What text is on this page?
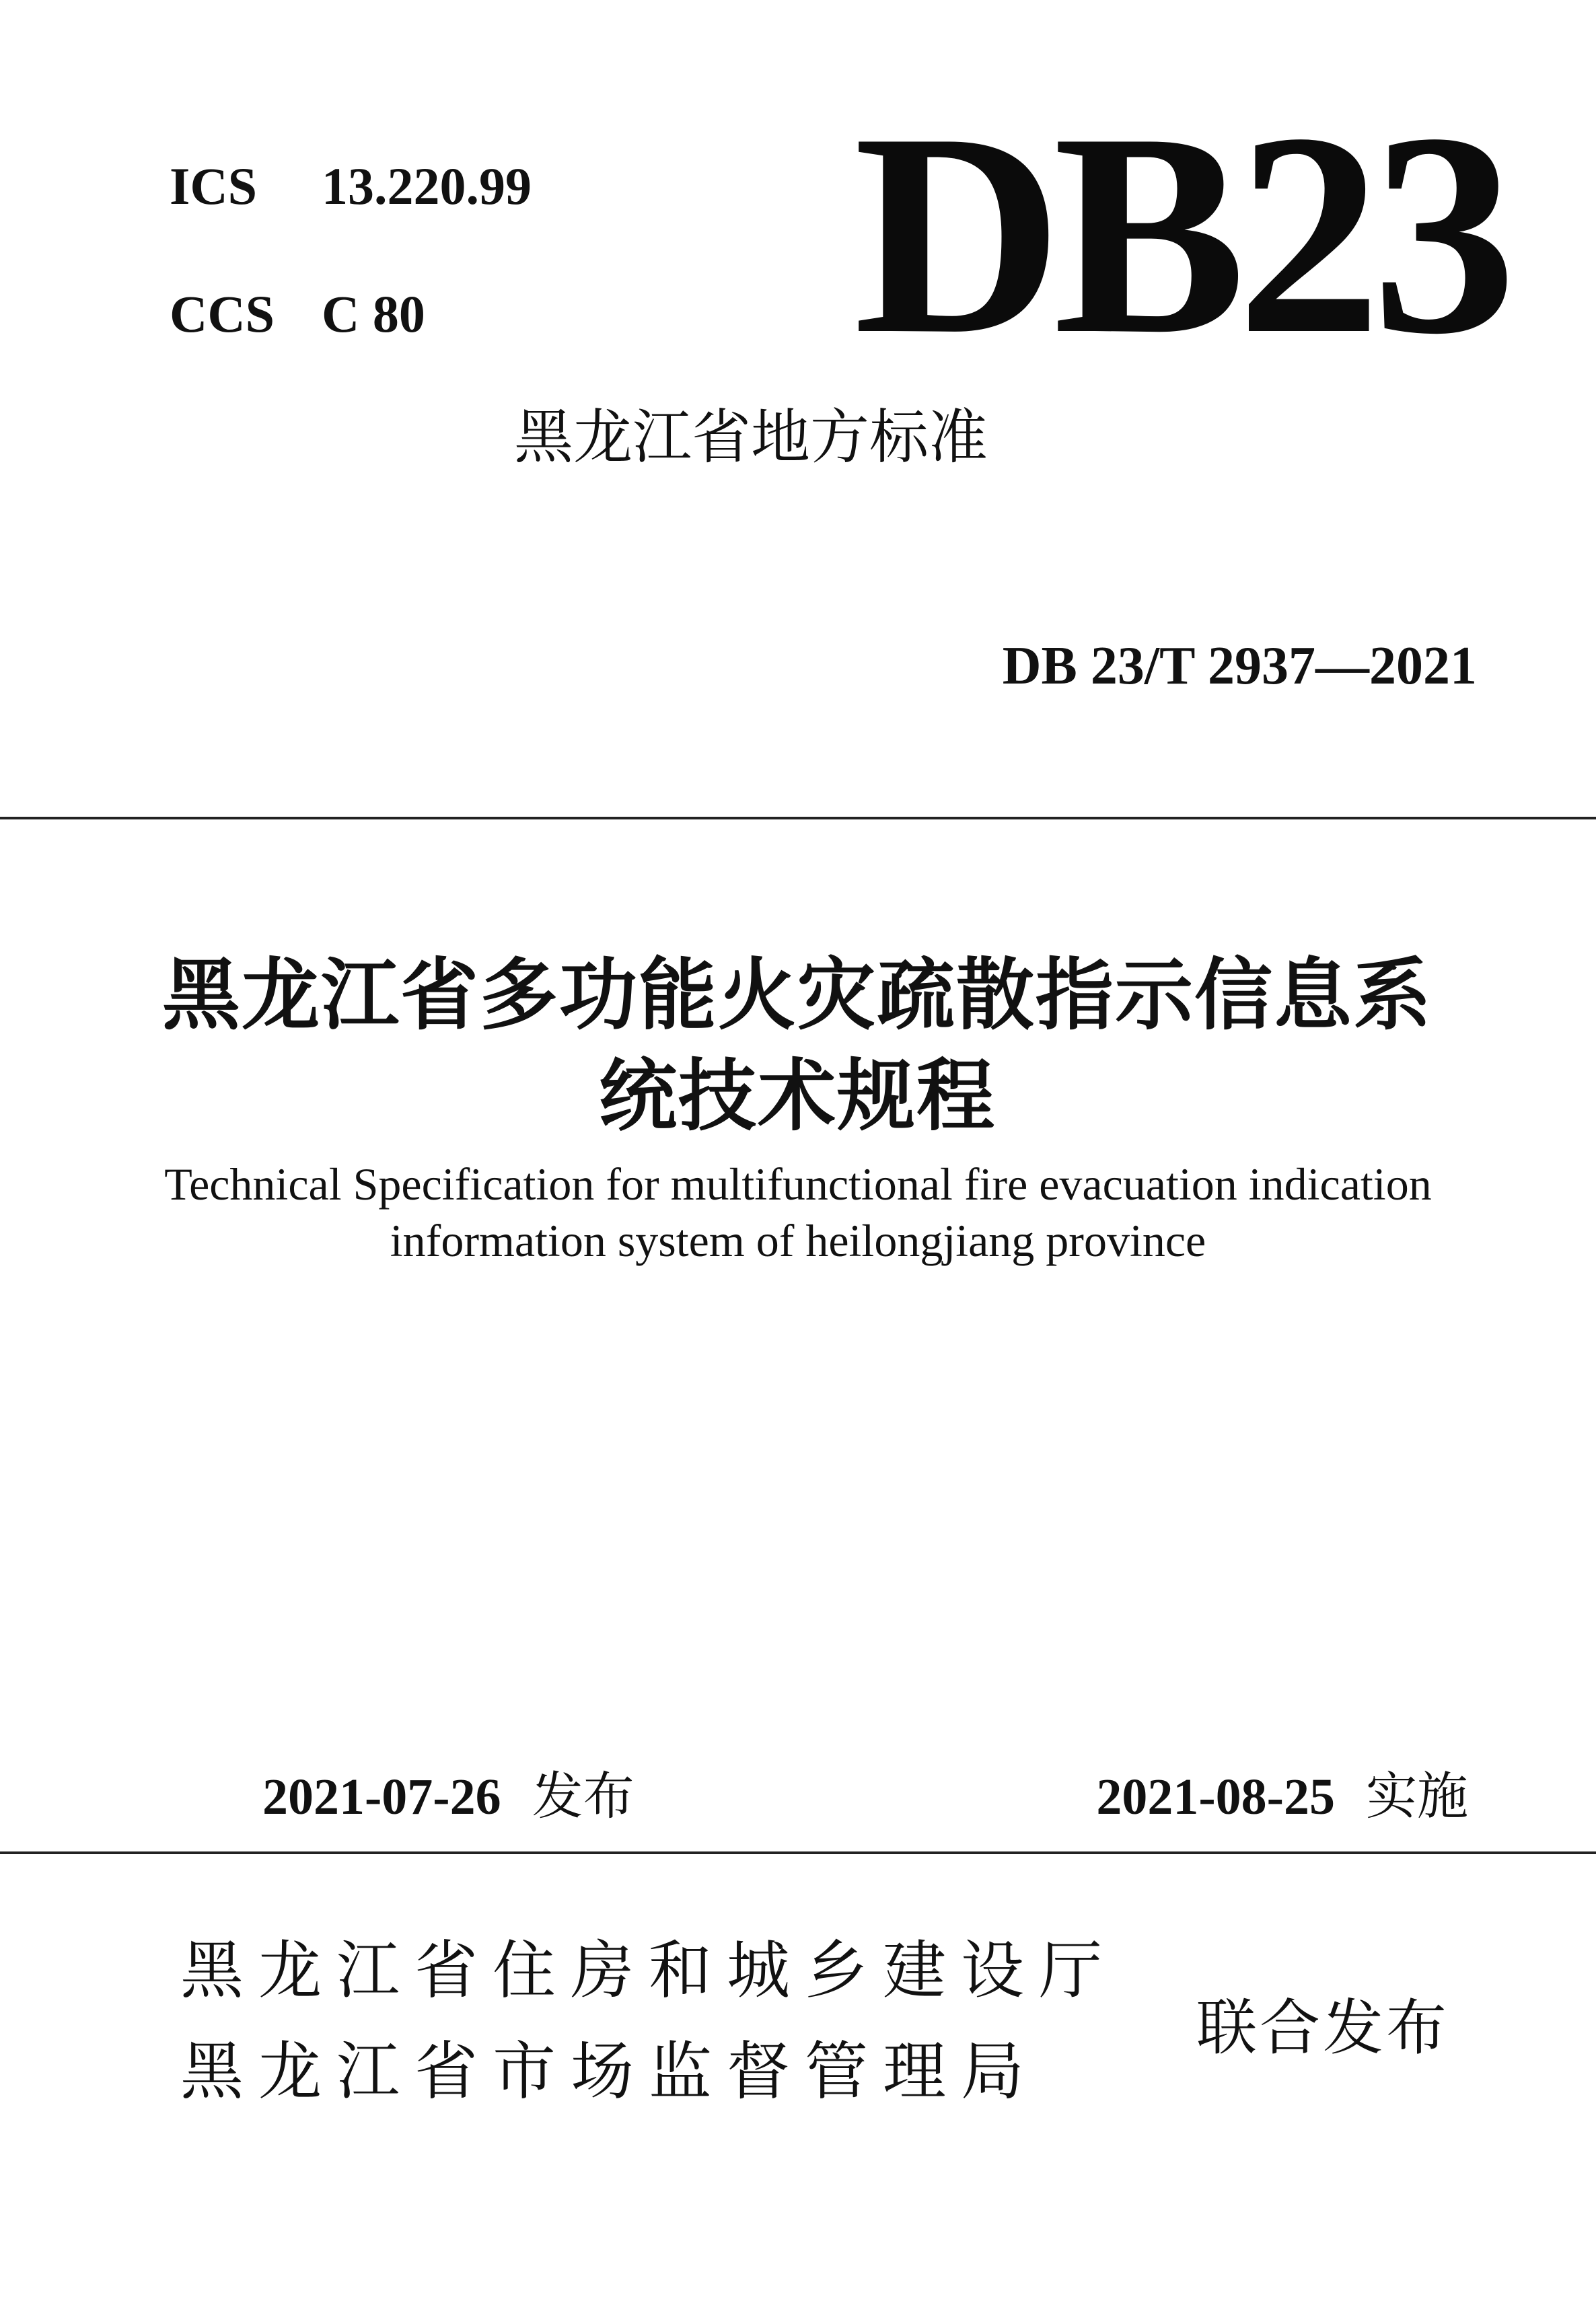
ICS 13.220.99
CCS C 80 DB23
黑龙江省地方标准
DB 23/T 2937—2021
黑龙江省多功能火灾疏散指示信息系
统技术规程
Technical Specification for multifunctional fire evacuation indication
information system of heilongjiang province
2021-07-26 发布	2021-08-25 实施
黑龙江省住房和城乡建设厅
黑龙江省市场监督管理局
联合发布
